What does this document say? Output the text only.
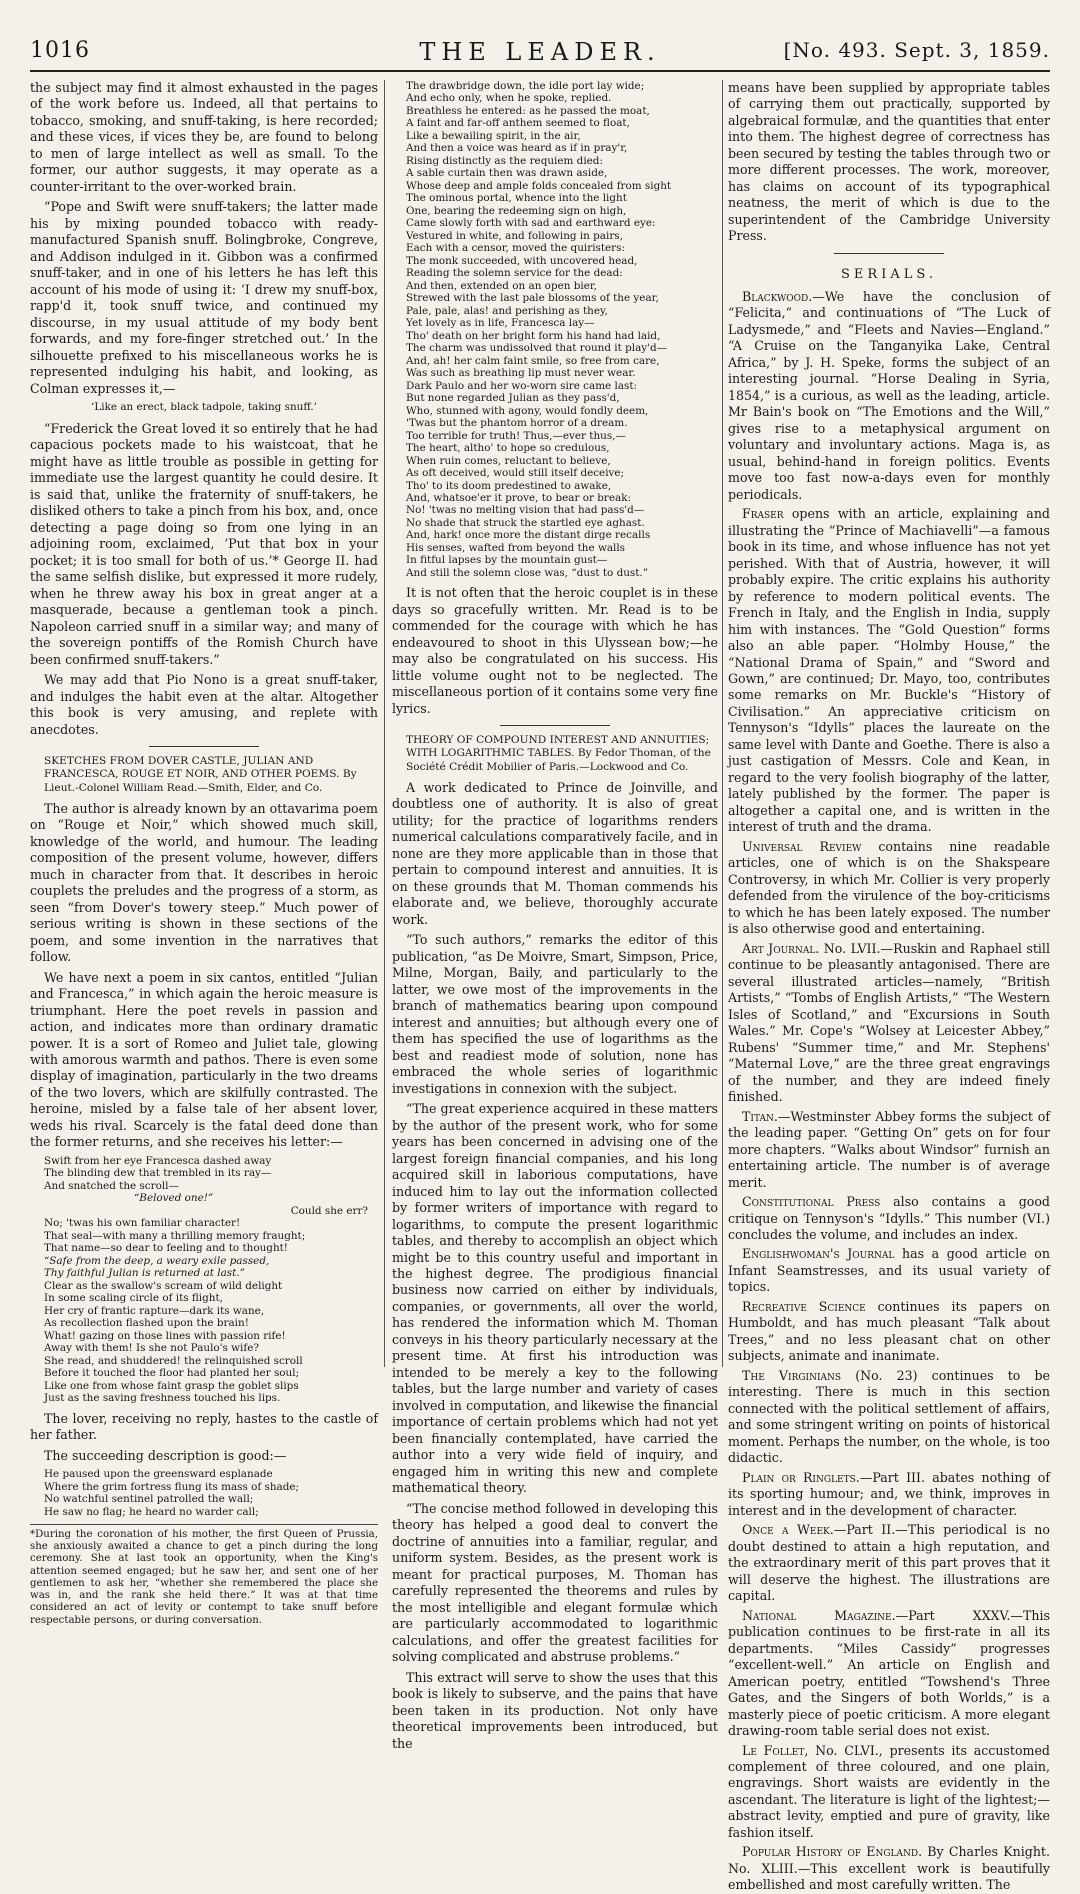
1016	THE LEADER.	[No. 493. Sept. 3, 1859.

the subject may find it almost exhausted in the pages of the work before us. Indeed, all that pertains to tobacco, smoking, and snuff-taking, is here recorded; and these vices, if vices they be, are found to belong to men of large intellect as well as small. To the former, our author suggests, it may operate as a counter-irritant to the over-worked brain.

“Pope and Swift were snuff-takers; the latter made his by mixing pounded tobacco with ready-manufactured Spanish snuff. Bolingbroke, Congreve, and Addison indulged in it. Gibbon was a confirmed snuff-taker, and in one of his letters he has left this account of his mode of using it: ‘I drew my snuff-box, rapp'd it, took snuff twice, and continued my discourse, in my usual attitude of my body bent forwards, and my fore-finger stretched out.’ In the silhouette prefixed to his miscellaneous works he is represented indulging his habit, and looking, as Colman expresses it,—

‘Like an erect, black tadpole, taking snuff.’

“Frederick the Great loved it so entirely that he had capacious pockets made to his waistcoat, that he might have as little trouble as possible in getting for immediate use the largest quantity he could desire. It is said that, unlike the fraternity of snuff-takers, he disliked others to take a pinch from his box, and, once detecting a page doing so from one lying in an adjoining room, exclaimed, ‘Put that box in your pocket; it is too small for both of us.’* George II. had the same selfish dislike, but expressed it more rudely, when he threw away his box in great anger at a masquerade, because a gentleman took a pinch. Napoleon carried snuff in a similar way; and many of the sovereign pontiffs of the Romish Church have been confirmed snuff-takers.”

We may add that Pio Nono is a great snuff-taker, and indulges the habit even at the altar. Altogether this book is very amusing, and replete with anecdotes.

SKETCHES FROM DOVER CASTLE, JULIAN AND FRANCESCA, ROUGE ET NOIR, AND OTHER POEMS. By Lieut.-Colonel William Read.—Smith, Elder, and Co.

The author is already known by an ottavarima poem on “Rouge et Noir,” which showed much skill, knowledge of the world, and humour. The leading composition of the present volume, however, differs much in character from that. It describes in heroic couplets the preludes and the progress of a storm, as seen “from Dover's towery steep.” Much power of serious writing is shown in these sections of the poem, and some invention in the narratives that follow.

We have next a poem in six cantos, entitled “Julian and Francesca,” in which again the heroic measure is triumphant. Here the poet revels in passion and action, and indicates more than ordinary dramatic power. It is a sort of Romeo and Juliet tale, glowing with amorous warmth and pathos. There is even some display of imagination, particularly in the two dreams of the two lovers, which are skilfully contrasted. The heroine, misled by a false tale of her absent lover, weds his rival. Scarcely is the fatal deed done than the former returns, and she receives his letter:—

Swift from her eye Francesca dashed away
The blinding dew that trembled in its ray—
And snatched the scroll—
“Beloved one!”
Could she err?
No; 'twas his own familiar character!
That seal—with many a thrilling memory fraught;
That name—so dear to feeling and to thought!
“Safe from the deep, a weary exile passed,
Thy faithful Julian is returned at last.”
Clear as the swallow's scream of wild delight
In some scaling circle of its flight,
Her cry of frantic rapture—dark its wane,
As recollection flashed upon the brain!
What! gazing on those lines with passion rife!
Away with them! Is she not Paulo's wife?
She read, and shuddered! the relinquished scroll
Before it touched the floor had planted her soul;
Like one from whose faint grasp the goblet slips
Just as the saving freshness touched his lips.

The lover, receiving no reply, hastes to the castle of her father.

The succeeding description is good:—

He paused upon the greensward esplanade
Where the grim fortress flung its mass of shade;
No watchful sentinel patrolled the wall;
He saw no flag; he heard no warder call;

*During the coronation of his mother, the first Queen of Prussia, she anxiously awaited a chance to get a pinch during the long ceremony. She at last took an opportunity, when the King's attention seemed engaged; but he saw her, and sent one of her gentlemen to ask her, “whether she remembered the place she was in, and the rank she held there.” It was at that time considered an act of levity or contempt to take snuff before respectable persons, or during conversation.

The drawbridge down, the idle port lay wide;
And echo only, when he spoke, replied.
Breathless he entered: as he passed the moat,
A faint and far-off anthem seemed to float,
Like a bewailing spirit, in the air,
And then a voice was heard as if in pray'r,
Rising distinctly as the requiem died:
A sable curtain then was drawn aside,
Whose deep and ample folds concealed from sight
The ominous portal, whence into the light
One, bearing the redeeming sign on high,
Came slowly forth with sad and earthward eye:
Vestured in white, and following in pairs,
Each with a censor, moved the quiristers:
The monk succeeded, with uncovered head,
Reading the solemn service for the dead:
And then, extended on an open bier,
Strewed with the last pale blossoms of the year,
Pale, pale, alas! and perishing as they,
Yet lovely as in life, Francesca lay—
Tho' death on her bright form his hand had laid,
The charm was undissolved that round it play'd—
And, ah! her calm faint smile, so free from care,
Was such as breathing lip must never wear.
Dark Paulo and her wo-worn sire came last:
But none regarded Julian as they pass'd,
Who, stunned with agony, would fondly deem,
'Twas but the phantom horror of a dream.
Too terrible for truth! Thus,—ever thus,—
The heart, altho' to hope so credulous,
When ruin comes, reluctant to believe,
As oft deceived, would still itself deceive;
Tho' to its doom predestined to awake,
And, whatsoe'er it prove, to bear or break:
No! 'twas no melting vision that had pass'd—
No shade that struck the startled eye aghast.
And, hark! once more the distant dirge recalls
His senses, wafted from beyond the walls
In fitful lapses by the mountain gust—
And still the solemn close was, “dust to dust.”

It is not often that the heroic couplet is in these days so gracefully written. Mr. Read is to be commended for the courage with which he has endeavoured to shoot in this Ulyssean bow;—he may also be congratulated on his success. His little volume ought not to be neglected. The miscellaneous portion of it contains some very fine lyrics.

THEORY OF COMPOUND INTEREST AND ANNUITIES; WITH LOGARITHMIC TABLES. By Fedor Thoman, of the Société Crédit Mobilier of Paris.—Lockwood and Co.

A work dedicated to Prince de Joinville, and doubtless one of authority. It is also of great utility; for the practice of logarithms renders numerical calculations comparatively facile, and in none are they more applicable than in those that pertain to compound interest and annuities. It is on these grounds that M. Thoman commends his elaborate and, we believe, thoroughly accurate work.

“To such authors,” remarks the editor of this publication, “as De Moivre, Smart, Simpson, Price, Milne, Morgan, Baily, and particularly to the latter, we owe most of the improvements in the branch of mathematics bearing upon compound interest and annuities; but although every one of them has specified the use of logarithms as the best and readiest mode of solution, none has embraced the whole series of logarithmic investigations in connexion with the subject.

“The great experience acquired in these matters by the author of the present work, who for some years has been concerned in advising one of the largest foreign financial companies, and his long acquired skill in laborious computations, have induced him to lay out the information collected by former writers of importance with regard to logarithms, to compute the present logarithmic tables, and thereby to accomplish an object which might be to this country useful and important in the highest degree. The prodigious financial business now carried on either by individuals, companies, or governments, all over the world, has rendered the information which M. Thoman conveys in his theory particularly necessary at the present time. At first his introduction was intended to be merely a key to the following tables, but the large number and variety of cases involved in computation, and likewise the financial importance of certain problems which had not yet been financially contemplated, have carried the author into a very wide field of inquiry, and engaged him in writing this new and complete mathematical theory.

“The concise method followed in developing this theory has helped a good deal to convert the doctrine of annuities into a familiar, regular, and uniform system. Besides, as the present work is meant for practical purposes, M. Thoman has carefully represented the theorems and rules by the most intelligible and elegant formulæ which are particularly accommodated to logarithmic calculations, and offer the greatest facilities for solving complicated and abstruse problems.”

This extract will serve to show the uses that this book is likely to subserve, and the pains that have been taken in its production. Not only have theoretical improvements been introduced, but the

means have been supplied by appropriate tables of carrying them out practically, supported by algebraical formulæ, and the quantities that enter into them. The highest degree of correctness has been secured by testing the tables through two or more different processes. The work, moreover, has claims on account of its typographical neatness, the merit of which is due to the superintendent of the Cambridge University Press.

SERIALS.

Blackwood.—We have the conclusion of “Felicita,” and continuations of “The Luck of Ladysmede,” and “Fleets and Navies—England.” “A Cruise on the Tanganyika Lake, Central Africa,” by J. H. Speke, forms the subject of an interesting journal. “Horse Dealing in Syria, 1854,” is a curious, as well as the leading, article. Mr Bain's book on “The Emotions and the Will,” gives rise to a metaphysical argument on voluntary and involuntary actions. Maga is, as usual, behind-hand in foreign politics. Events move too fast now-a-days even for monthly periodicals.

Fraser opens with an article, explaining and illustrating the “Prince of Machiavelli”—a famous book in its time, and whose influence has not yet perished. With that of Austria, however, it will probably expire. The critic explains his authority by reference to modern political events. The French in Italy, and the English in India, supply him with instances. The “Gold Question” forms also an able paper. “Holmby House,” the “National Drama of Spain,” and “Sword and Gown,” are continued; Dr. Mayo, too, contributes some remarks on Mr. Buckle's “History of Civilisation.” An appreciative criticism on Tennyson's “Idylls” places the laureate on the same level with Dante and Goethe. There is also a just castigation of Messrs. Cole and Kean, in regard to the very foolish biography of the latter, lately published by the former. The paper is altogether a capital one, and is written in the interest of truth and the drama.

Universal Review contains nine readable articles, one of which is on the Shakspeare Controversy, in which Mr. Collier is very properly defended from the virulence of the boy-criticisms to which he has been lately exposed. The number is also otherwise good and entertaining.

Art Journal. No. LVII.—Ruskin and Raphael still continue to be pleasantly antagonised. There are several illustrated articles—namely, “British Artists,” “Tombs of English Artists,” “The Western Isles of Scotland,” and “Excursions in South Wales.” Mr. Cope's “Wolsey at Leicester Abbey,” Rubens' “Summer time,” and Mr. Stephens' “Maternal Love,” are the three great engravings of the number, and they are indeed finely finished.

Titan.—Westminster Abbey forms the subject of the leading paper. “Getting On” gets on for four more chapters. “Walks about Windsor” furnish an entertaining article. The number is of average merit.

Constitutional Press also contains a good critique on Tennyson's “Idylls.” This number (VI.) concludes the volume, and includes an index.

Englishwoman's Journal has a good article on Infant Seamstresses, and its usual variety of topics.

Recreative Science continues its papers on Humboldt, and has much pleasant “Talk about Trees,” and no less pleasant chat on other subjects, animate and inanimate.

The Virginians (No. 23) continues to be interesting. There is much in this section connected with the political settlement of affairs, and some stringent writing on points of historical moment. Perhaps the number, on the whole, is too didactic.

Plain or Ringlets.—Part III. abates nothing of its sporting humour; and, we think, improves in interest and in the development of character.

Once a Week.—Part II.—This periodical is no doubt destined to attain a high reputation, and the extraordinary merit of this part proves that it will deserve the highest. The illustrations are capital.

National Magazine.—Part XXXV.—This publication continues to be first-rate in all its departments. “Miles Cassidy” progresses “excellent-well.” An article on English and American poetry, entitled “Towshend's Three Gates, and the Singers of both Worlds,” is a masterly piece of poetic criticism. A more elegant drawing-room table serial does not exist.

Le Follet, No. CLVI., presents its accustomed complement of three coloured, and one plain, engravings. Short waists are evidently in the ascendant. The literature is light of the lightest;—abstract levity, emptied and pure of gravity, like fashion itself.

Popular History of England. By Charles Knight. No. XLIII.—This excellent work is beautifully embellished and most carefully written. The
